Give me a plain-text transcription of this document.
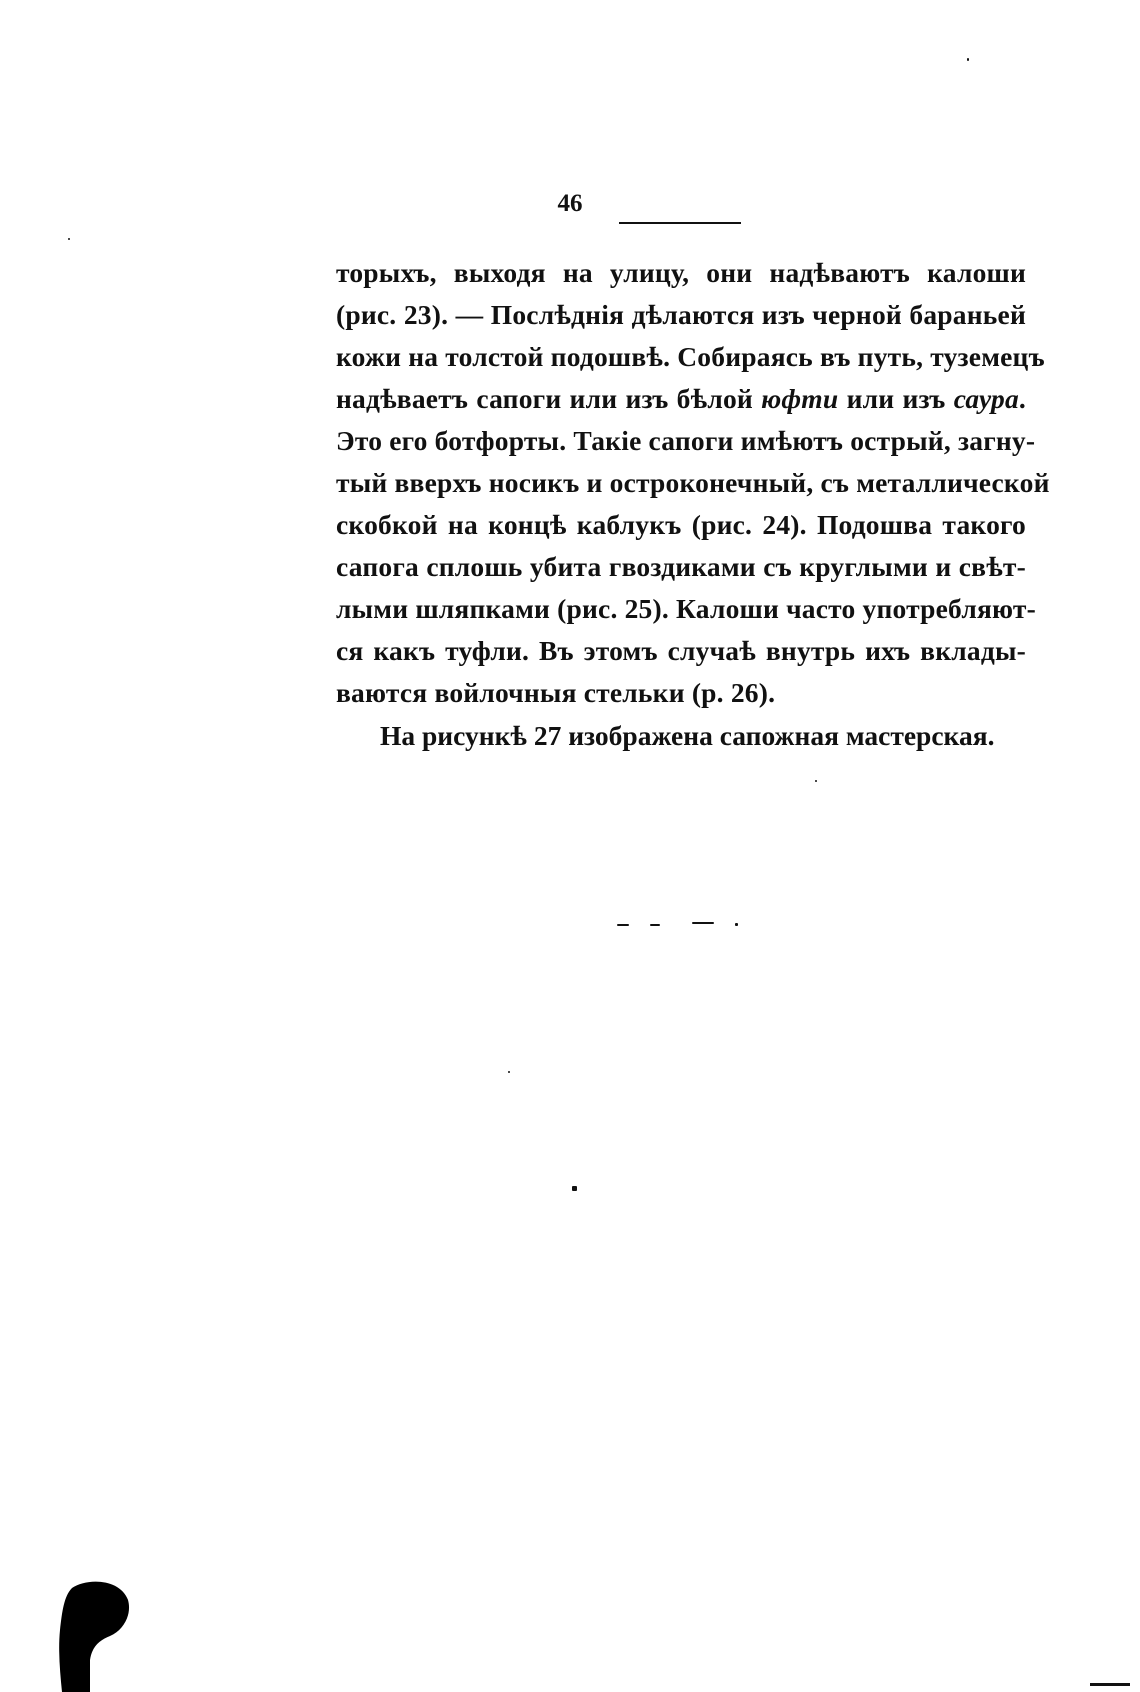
46
торыхъ, выходя на улицу, они надѣваютъ калоши
(рис. 23). — Послѣднія дѣлаются изъ черной бараньей
кожи на толстой подошвѣ. Собираясь въ путь, туземецъ
надѣваетъ сапоги или изъ бѣлой юфти или изъ саура.
Это его ботфорты. Такіе сапоги имѣютъ острый, загну-
тый вверхъ носикъ и остроконечный, съ металлической
скобкой на концѣ каблукъ (рис. 24). Подошва такого
сапога сплошь убита гвоздиками съ круглыми и свѣт-
лыми шляпками (рис. 25). Калоши часто употребляют-
ся какъ туфли. Въ этомъ случаѣ внутрь ихъ вклады-
ваются войлочныя стельки (р. 26).
На рисункѣ 27 изображена сапожная мастерская.
